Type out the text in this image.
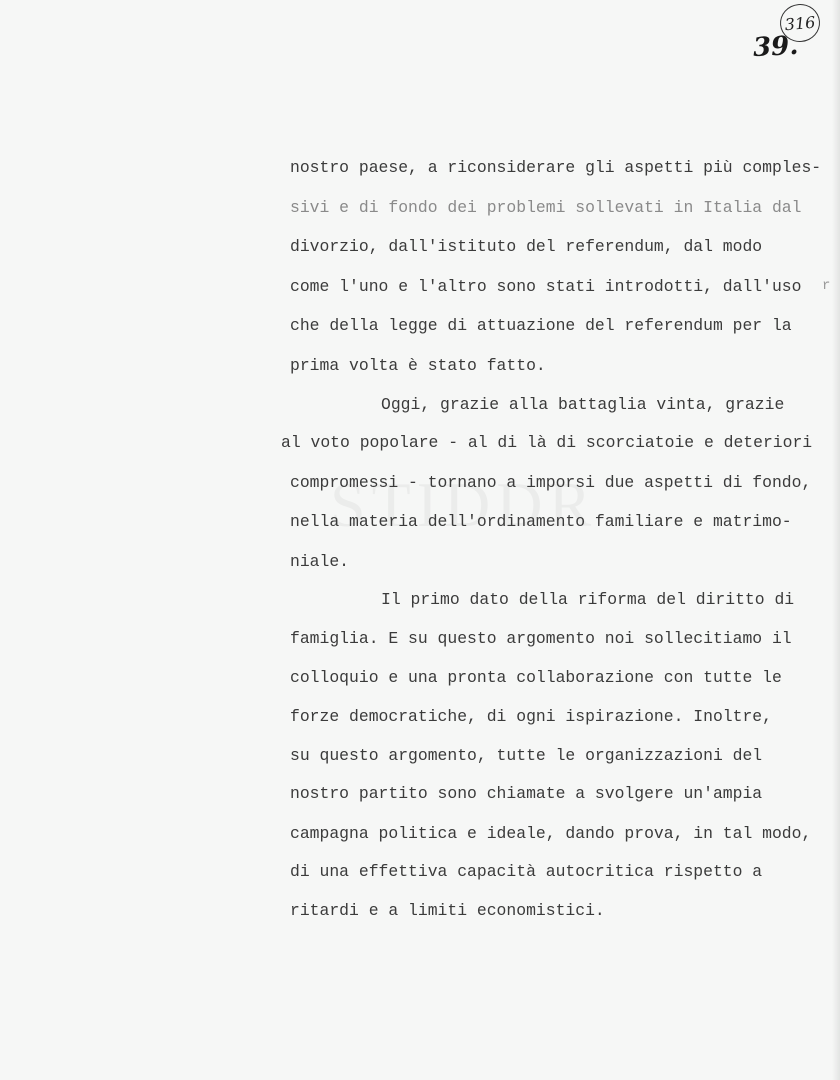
316
39.
nostro paese, a riconsiderare gli aspetti più comples-
sivi e di fondo dei problemi sollevati in Italia dal
divorzio, dall'istituto del referendum, dal modo
come l'uno e l'altro sono stati introdotti, dall'uso
che della legge di attuazione del referendum per la
prima volta è stato fatto.
Oggi, grazie alla battaglia vinta, grazie
al voto popolare - al di là di scorciatoie e deteriori
compromessi - tornano a imporsi due aspetti di fondo,
nella materia dell'ordinamento familiare e matrimo-
niale.
Il primo dato della riforma del diritto di
famiglia. E su questo argomento noi sollecitiamo il
colloquio e una pronta collaborazione con tutte le
forze democratiche, di ogni ispirazione. Inoltre,
su questo argomento, tutte le organizzazioni del
nostro partito sono chiamate a svolgere un'ampia
campagna politica e ideale, dando prova, in tal modo,
di una effettiva capacità autocritica rispetto a
ritardi e a limiti economistici.
r
